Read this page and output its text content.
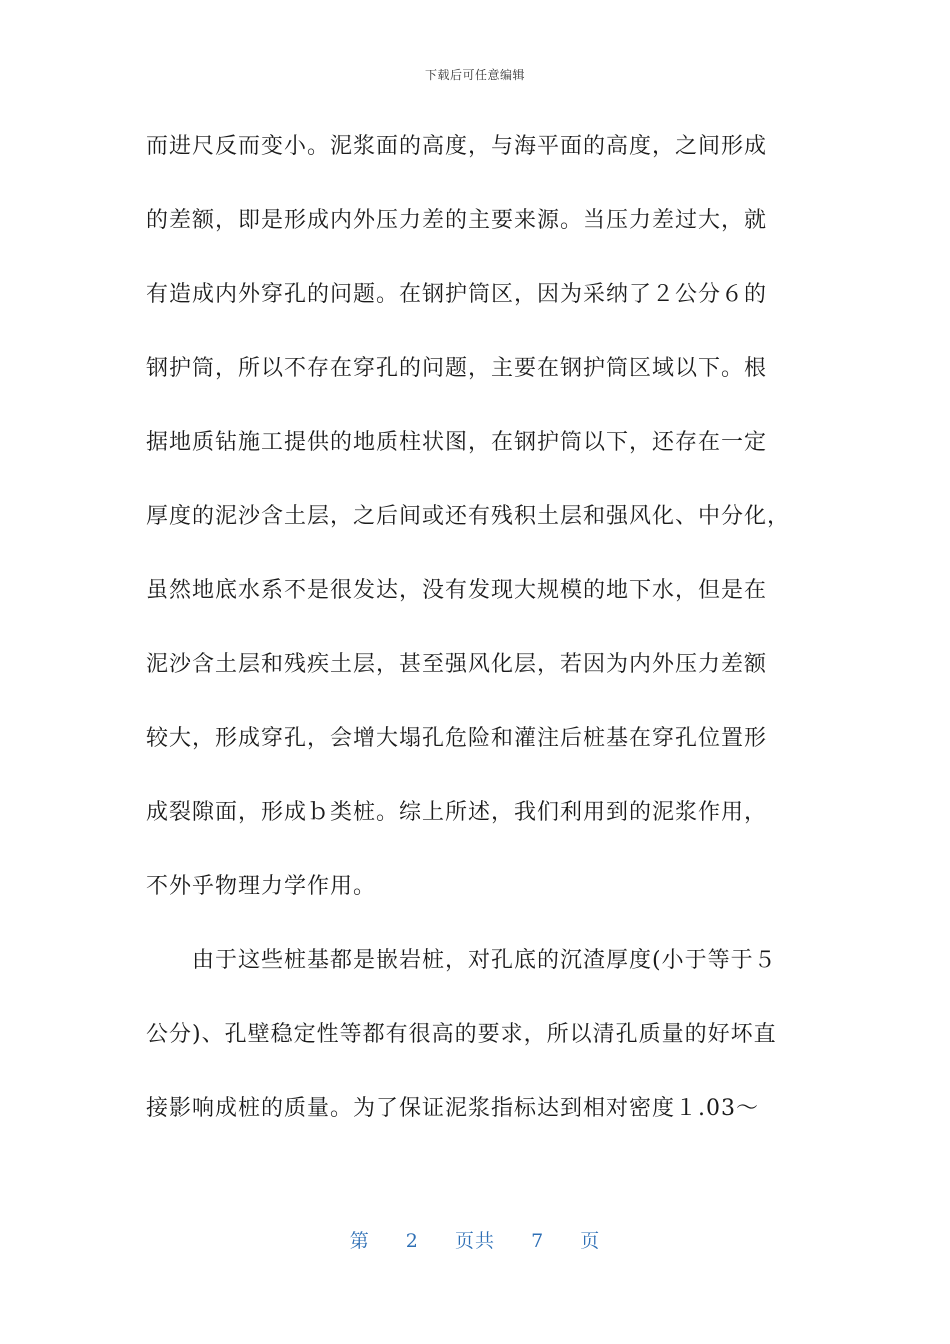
下载后可任意编辑
而进尺反而变小。泥浆面的高度，与海平面的高度，之间形成
的差额，即是形成内外压力差的主要来源。当压力差过大，就
有造成内外穿孔的问题。在钢护筒区，因为采纳了２公分６的
钢护筒，所以不存在穿孔的问题，主要在钢护筒区域以下。根
据地质钻施工提供的地质柱状图，在钢护筒以下，还存在一定
厚度的泥沙含土层，之后间或还有残积土层和强风化、中分化，
虽然地底水系不是很发达，没有发现大规模的地下水，但是在
泥沙含土层和残疾土层，甚至强风化层，若因为内外压力差额
较大，形成穿孔，会增大塌孔危险和灌注后桩基在穿孔位置形
成裂隙面，形成ｂ类桩。综上所述，我们利用到的泥浆作用，
不外乎物理力学作用。
由于这些桩基都是嵌岩桩，对孔底的沉渣厚度(小于等于５
公分)、孔壁稳定性等都有很高的要求，所以清孔质量的好坏直
接影响成桩的质量。为了保证泥浆指标达到相对密度１.03～
第 2 页共 7 页
